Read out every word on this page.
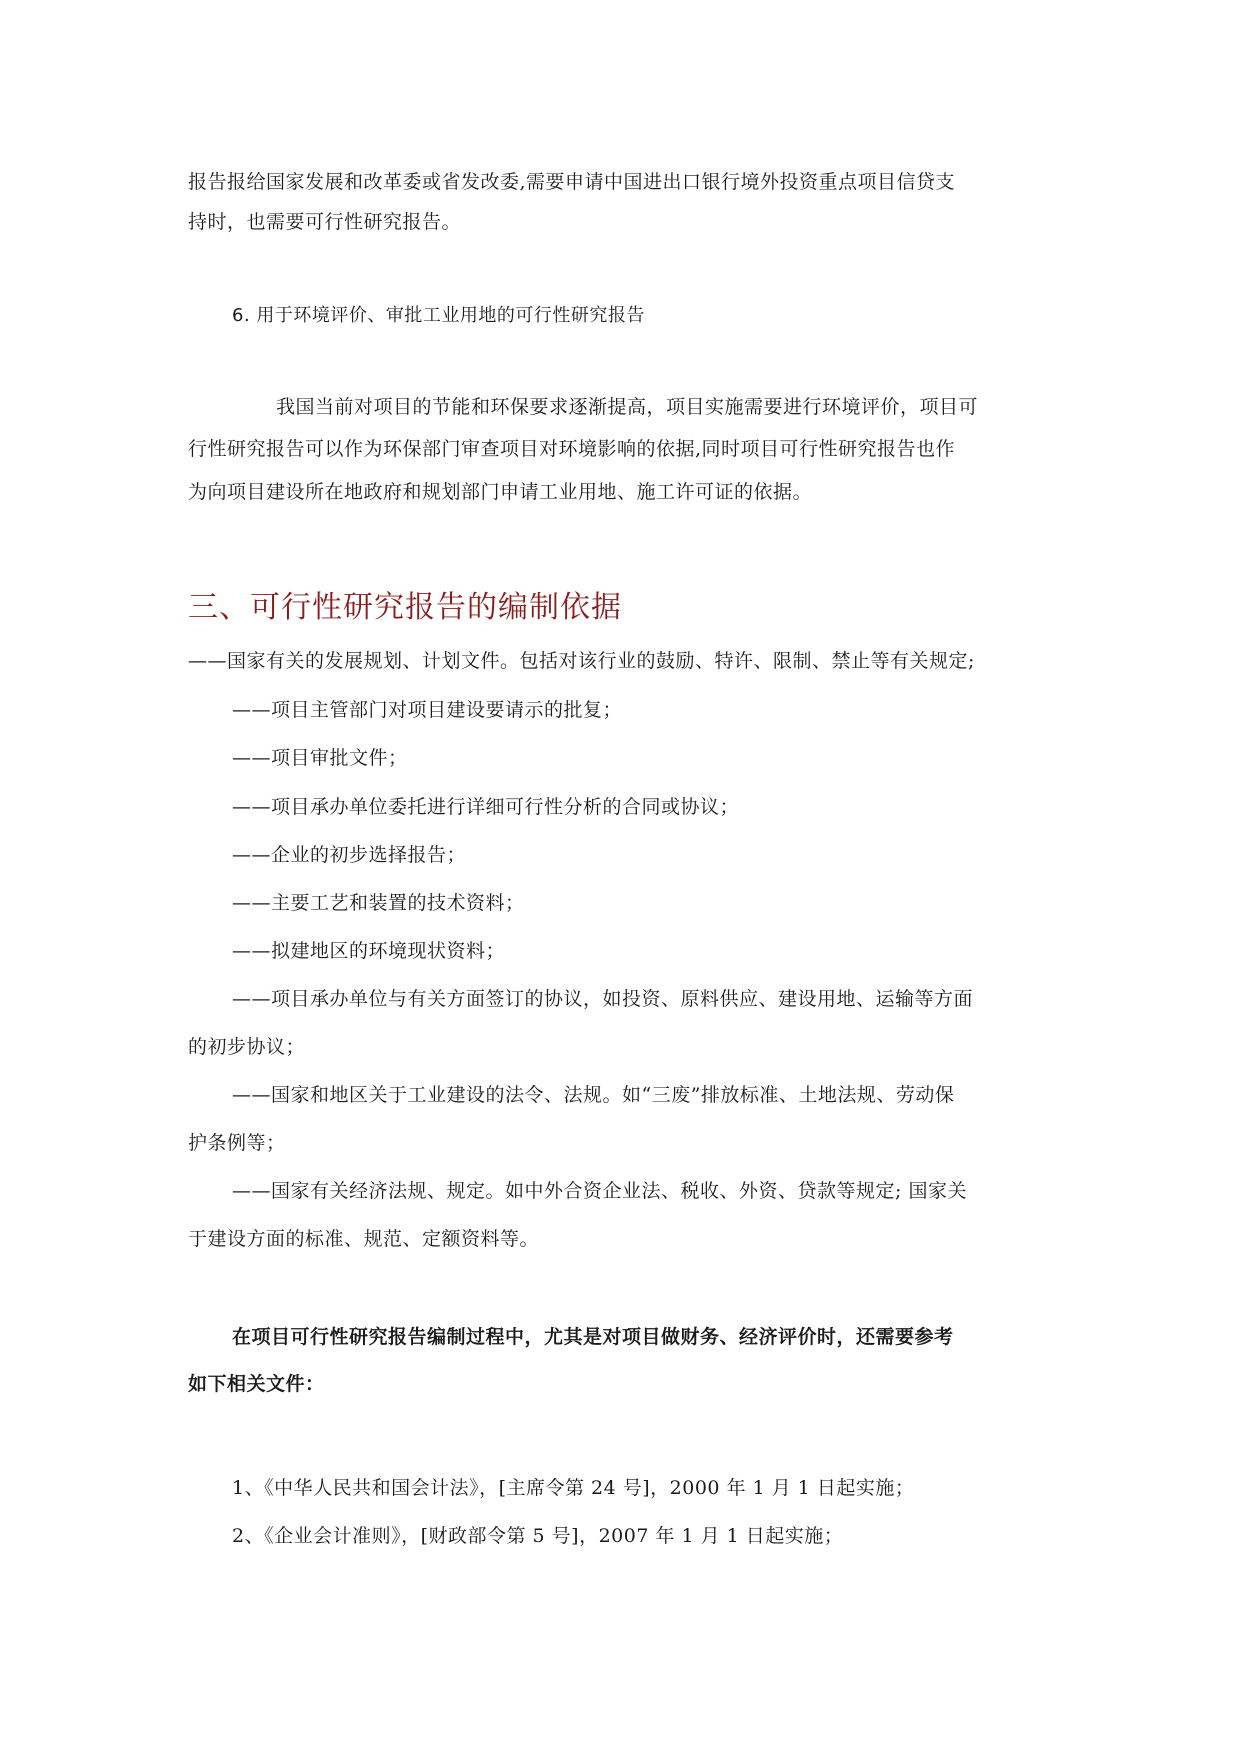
报告报给国家发展和改革委或省发改委,需要申请中国进出口银行境外投资重点项目信贷支
持时，也需要可行性研究报告。
6. 用于环境评价、审批工业用地的可行性研究报告
我国当前对项目的节能和环保要求逐渐提高，项目实施需要进行环境评价，项目可
行性研究报告可以作为环保部门审查项目对环境影响的依据,同时项目可行性研究报告也作
为向项目建设所在地政府和规划部门申请工业用地、施工许可证的依据。
三、可行性研究报告的编制依据
——国家有关的发展规划、计划文件。包括对该行业的鼓励、特许、限制、禁止等有关规定;
——项目主管部门对项目建设要请示的批复；
——项目审批文件；
——项目承办单位委托进行详细可行性分析的合同或协议；
——企业的初步选择报告；
——主要工艺和装置的技术资料；
——拟建地区的环境现状资料；
——项目承办单位与有关方面签订的协议，如投资、原料供应、建设用地、运输等方面
的初步协议；
——国家和地区关于工业建设的法令、法规。如“三废”排放标准、土地法规、劳动保
护条例等；
——国家有关经济法规、规定。如中外合资企业法、税收、外资、贷款等规定; 国家关
于建设方面的标准、规范、定额资料等。
在项目可行性研究报告编制过程中，尤其是对项目做财务、经济评价时，还需要参考
如下相关文件：
1、《中华人民共和国会计法》，[主席令第 24 号]，2000 年 1 月 1 日起实施；
2、《企业会计准则》，[财政部令第 5 号]，2007 年 1 月 1 日起实施；
